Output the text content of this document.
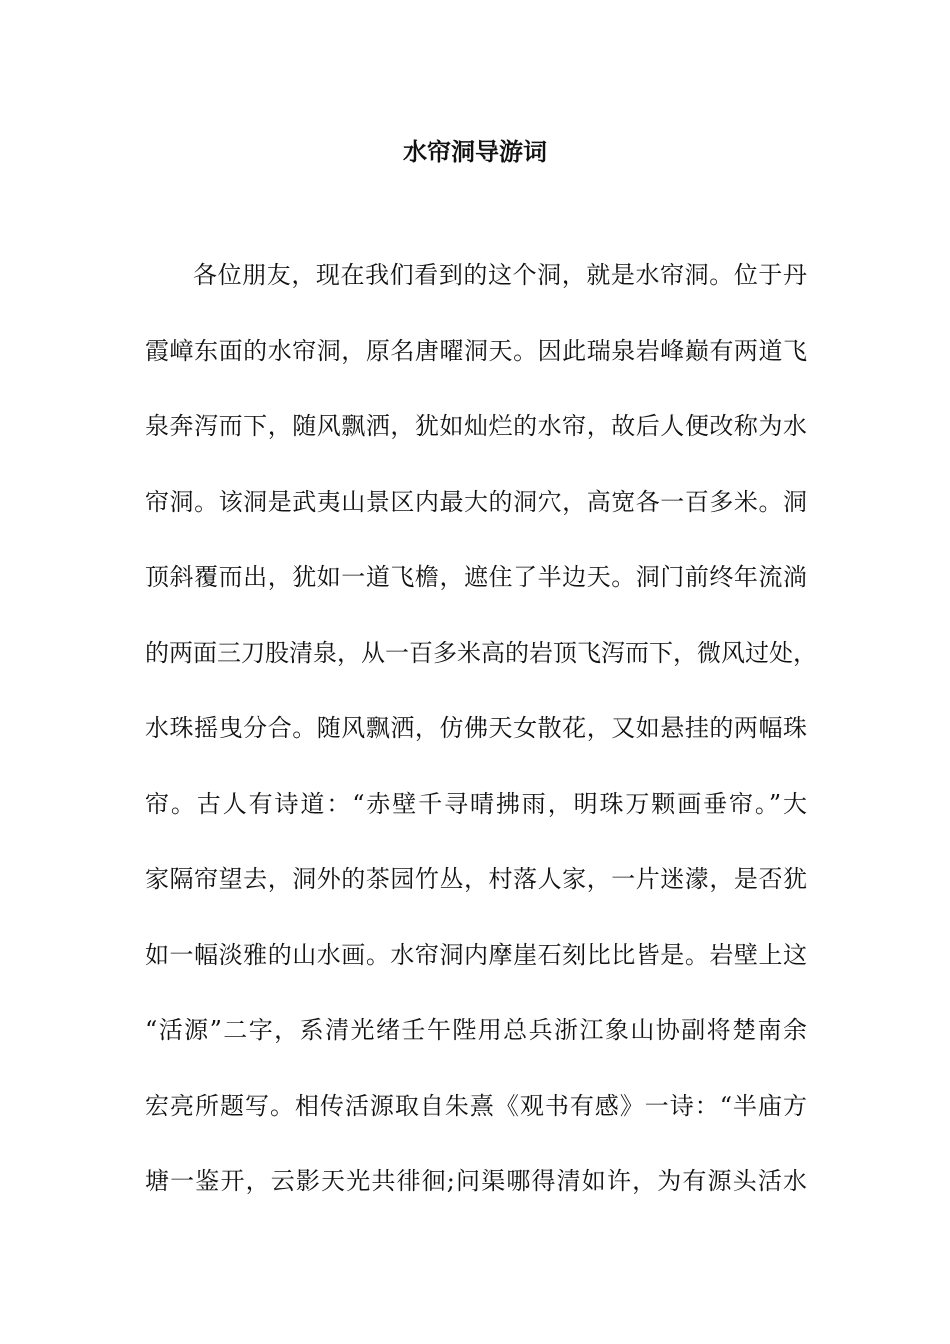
水帘洞导游词

各位朋友，现在我们看到的这个洞，就是水帘洞。位于丹

霞嶂东面的水帘洞，原名唐曜洞天。因此瑞泉岩峰巅有两道飞

泉奔泻而下，随风飘洒，犹如灿烂的水帘，故后人便改称为水

帘洞。该洞是武夷山景区内最大的洞穴，高宽各一百多米。洞

顶斜覆而出，犹如一道飞檐，遮住了半边天。洞门前终年流淌

的两面三刀股清泉，从一百多米高的岩顶飞泻而下，微风过处，

水珠摇曳分合。随风飘洒，仿佛天女散花，又如悬挂的两幅珠

帘。古人有诗道：“赤壁千寻晴拂雨，明珠万颗画垂帘。”大

家隔帘望去，洞外的茶园竹丛，村落人家，一片迷濛，是否犹

如一幅淡雅的山水画。水帘洞内摩崖石刻比比皆是。岩壁上这

“活源”二字，系清光绪壬午陛用总兵浙江象山协副将楚南余

宏亮所题写。相传活源取自朱熹《观书有感》一诗：“半庙方

塘一鉴开，云影天光共徘徊;问渠哪得清如许，为有源头活水
